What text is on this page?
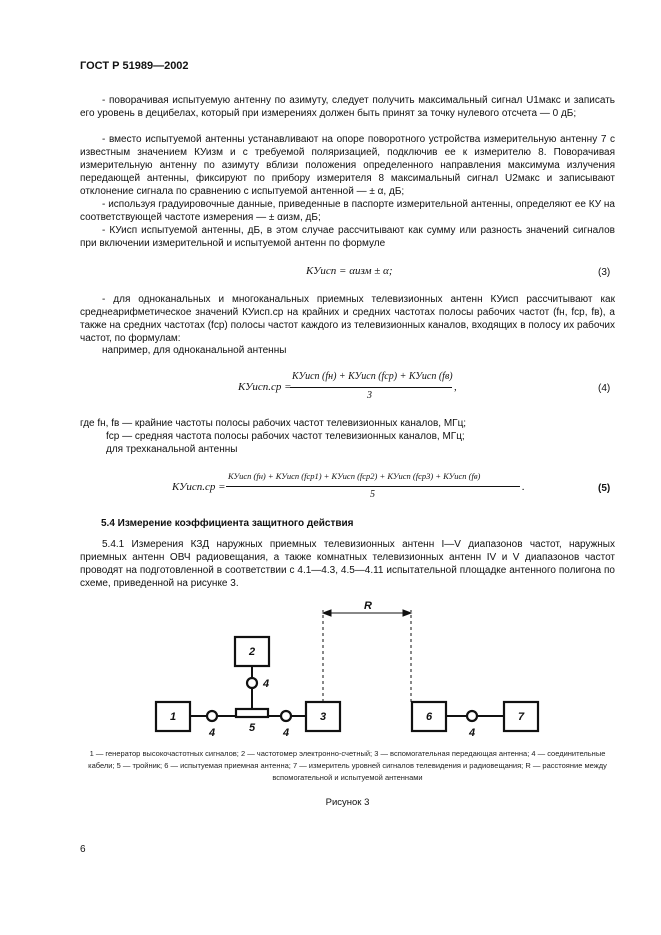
ГОСТ Р 51989—2002
- поворачивая испытуемую антенну по азимуту, следует получить максимальный сигнал U1макс и записать его уровень в децибелах, который при измерениях должен быть принят за точку нулевого отсчета — 0 дБ;
- вместо испытуемой антенны устанавливают на опоре поворотного устройства измерительную антенну 7 с известным значением КУизм и с требуемой поляризацией, подключив ее к измерителю 8. Поворачивая измерительную антенну по азимуту вблизи положения определенного направления максимума излучения передающей антенны, фиксируют по прибору измерителя 8 максимальный сигнал U2макс и записывают отклонение сигнала по сравнению с испытуемой антенной — ± α, дБ;
- используя градуировочные данные, приведенные в паспорте измерительной антенны, определяют ее КУ на соответствующей частоте измерения — ± αизм, дБ;
- КУисп испытуемой антенны, дБ, в этом случае рассчитывают как сумму или разность значений сигналов при включении измерительной и испытуемой антенн по формуле
КУисп = αизм ± α;	(3)
- для одноканальных и многоканальных приемных телевизионных антенн КУисп рассчитывают как среднеарифметическое значений КУисп.ср на крайних и средних частотах полосы рабочих частот (fн, fср, fв), а также на средних частотах (fср) полосы частот каждого из телевизионных каналов, входящих в полосу их рабочих частот, по формулам:
например, для одноканальной антенны
КУисп.ср =
КУисп (fн) + КУисп (fср) + КУисп (fв)
3
,	(4)
где fн, fв — крайние частоты полосы рабочих частот телевизионных каналов, МГц;
fср — средняя частота полосы рабочих частот телевизионных каналов, МГц;
для трехканальной антенны
КУисп.ср =
КУисп (fн) + КУисп (fср1) + КУисп (fср2) + КУисп (fср3) + КУисп (fв)
5
.	(5)
5.4 Измерение коэффициента защитного действия
5.4.1 Измерения КЗД наружных приемных телевизионных антенн I—V диапазонов частот, наружных приемных антенн ОВЧ радиовещания, а также комнатных телевизионных антенн IV и V диапазонов частот проводят на подготовленной в соответствии с 4.1—4.3, 4.5—4.11 испытательной площадке антенного полигона по схеме, приведенной на рисунке 3.
1
2
3
5
6	7
4	4
4
4
R
1 — генератор высокочастотных сигналов; 2 — частотомер электронно-счетный; 3 — вспомогательная передающая антенна; 4 — соединительные кабели; 5 — тройник; 6 — испытуемая приемная антенна; 7 — измеритель уровней сигналов телевидения и радиовещания; R — расстояние между вспомогательной и испытуемой антеннами
Рисунок 3
6
